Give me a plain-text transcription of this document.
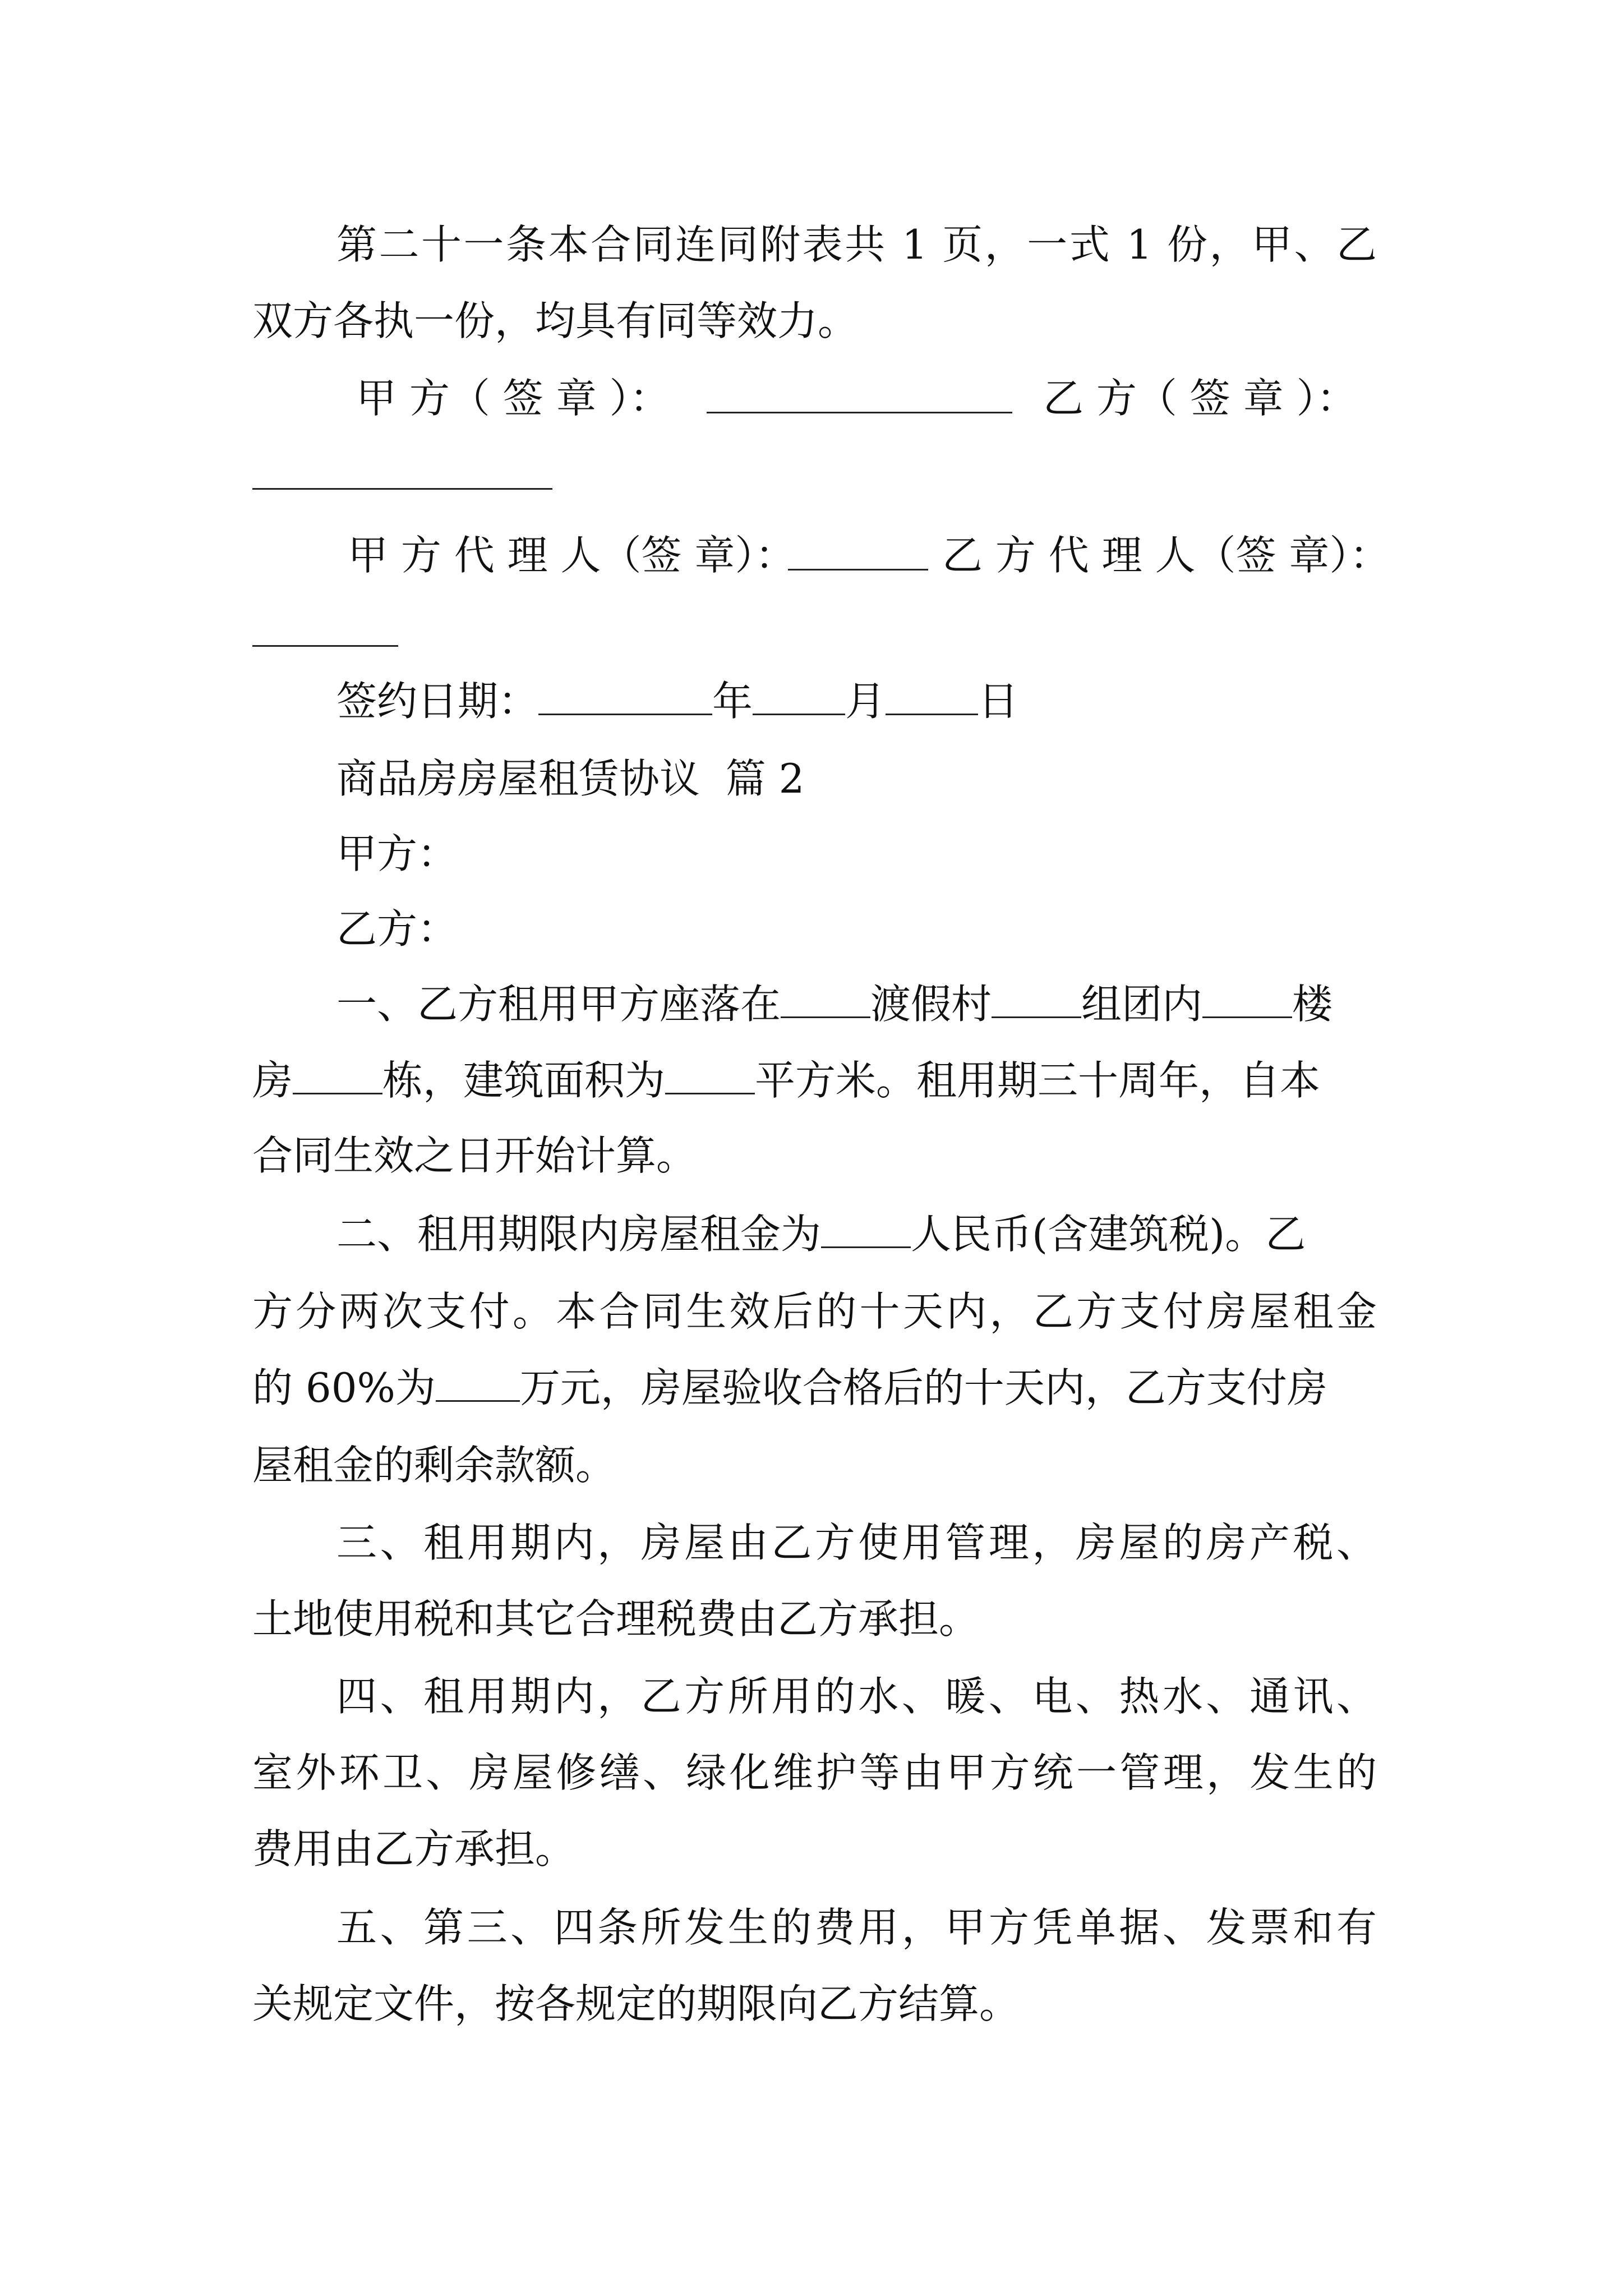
第二十一条本合同连同附表共 1 页，一式 1 份，甲、乙
双方各执一份，均具有同等效力。
甲 方（ 签 章 ）：	乙 方（ 签 章 ）：
甲 方 代 理 人（签 章）：	乙 方 代 理 人（签 章）：
签约日期：	年 月 日
商品房房屋租赁协议  篇 2
甲方：
乙方：
一、乙方租用甲方座落在 渡假村 组团内 楼
房 栋，建筑面积为 平方米。租用期三十周年，自本
合同生效之日开始计算。
二、租用期限内房屋租金为 人民币(含建筑税)。乙
方分两次支付。本合同生效后的十天内，乙方支付房屋租金
的 60%为 万元，房屋验收合格后的十天内，乙方支付房
屋租金的剩余款额。
三、租用期内，房屋由乙方使用管理，房屋的房产税、
土地使用税和其它合理税费由乙方承担。
四、租用期内，乙方所用的水、暖、电、热水、通讯、
室外环卫、房屋修缮、绿化维护等由甲方统一管理，发生的
费用由乙方承担。
五、第三、四条所发生的费用，甲方凭单据、发票和有
关规定文件，按各规定的期限向乙方结算。
